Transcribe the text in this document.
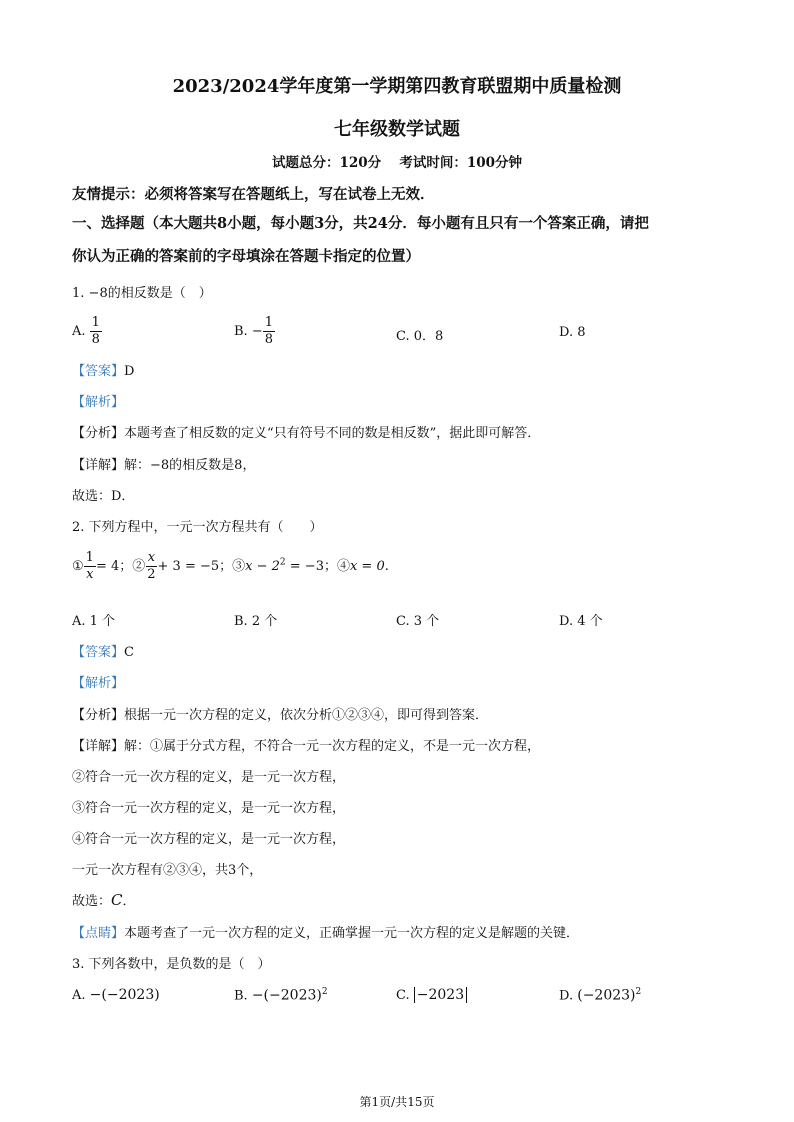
2023/2024学年度第一学期第四教育联盟期中质量检测
七年级数学试题
试题总分：120分　 考试时间：100分钟
友情提示：必须将答案写在答题纸上，写在试卷上无效．
一、选择题（本大题共8小题，每小题3分，共24分．每小题有且只有一个答案正确，请把
你认为正确的答案前的字母填涂在答题卡指定的位置）
1. −8的相反数是（　）
A. $\frac{1}{8}$	B. − $\frac{1}{8}$	C. 0．8	D. 8
【答案】D
【解析】
【分析】本题考查了相反数的定义“只有符号不同的数是相反数”，据此即可解答．
【详解】解：−8的相反数是8，
故选：D．
2. 下列方程中，一元一次方程共有（　　）
① $\frac{1}{x} = 4$；② $\frac{x}{2} + 3 = -5$；③x − $2^2 = -3$；④x = 0.
A. 1 个	B. 2 个	C. 3 个	D. 4 个
【答案】C
【解析】
【分析】根据一元一次方程的定义，依次分析①②③④，即可得到答案．
【详解】解：①属于分式方程，不符合一元一次方程的定义，不是一元一次方程，
②符合一元一次方程的定义，是一元一次方程，
③符合一元一次方程的定义，是一元一次方程，
④符合一元一次方程的定义，是一元一次方程，
一元一次方程有②③④，共3个，
故选：C．
【点睛】本题考查了一元一次方程的定义，正确掌握一元一次方程的定义是解题的关键．
3. 下列各数中，是负数的是（　）
A. −(−2023)	B. $-(-2023)^2$	C. −2023	D. $(-2023)^2$
第1页/共15页
